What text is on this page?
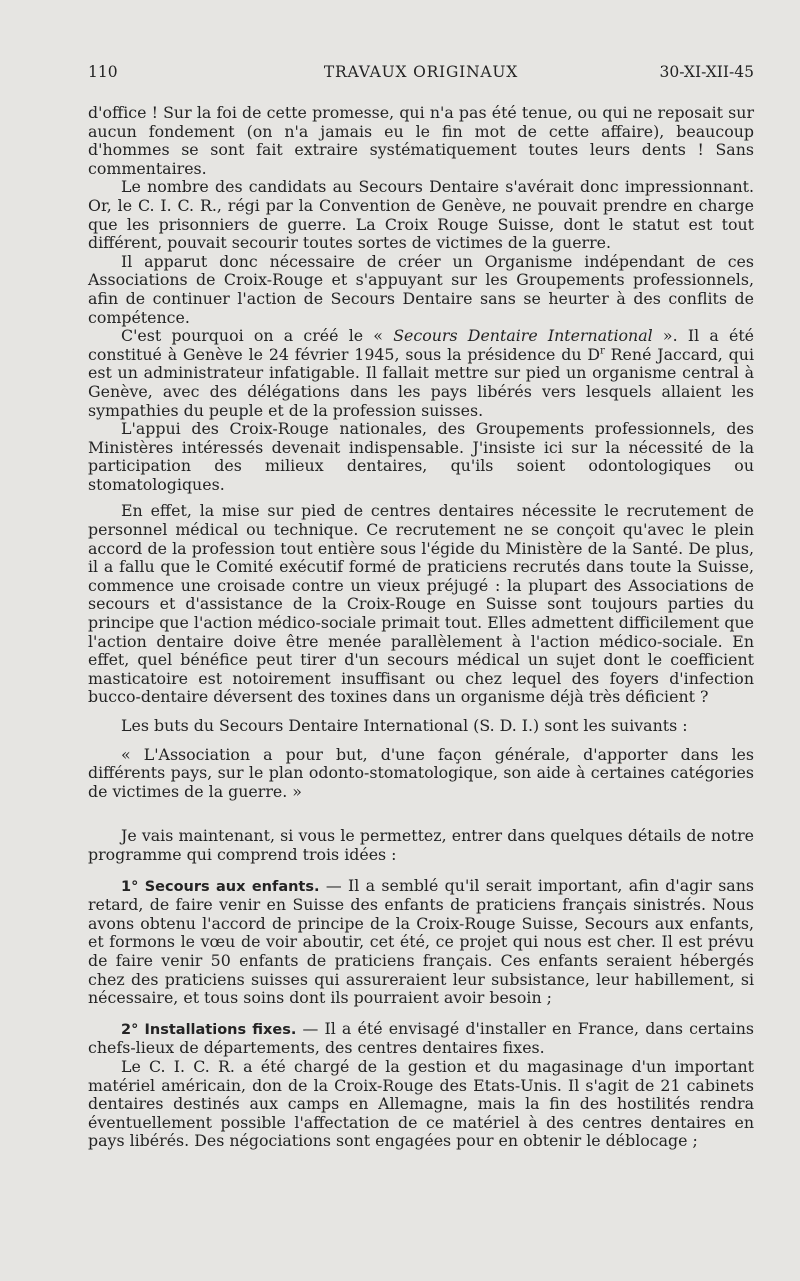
110	TRAVAUX ORIGINAUX	30-XI-XII-45

d'office ! Sur la foi de cette promesse, qui n'a pas été tenue, ou qui ne reposait sur aucun fondement (on n'a jamais eu le fin mot de cette affaire), beaucoup d'hommes se sont fait extraire systématiquement toutes leurs dents ! Sans commentaires.

Le nombre des candidats au Secours Dentaire s'avérait donc impressionnant. Or, le C. I. C. R., régi par la Convention de Genève, ne pouvait prendre en charge que les prisonniers de guerre. La Croix Rouge Suisse, dont le statut est tout différent, pouvait secourir toutes sortes de victimes de la guerre.

Il apparut donc nécessaire de créer un Organisme indépendant de ces Associations de Croix-Rouge et s'appuyant sur les Groupements professionnels, afin de continuer l'action de Secours Dentaire sans se heurter à des conflits de compétence.

C'est pourquoi on a créé le « Secours Dentaire International ». Il a été constitué à Genève le 24 février 1945, sous la présidence du $D^r$ René Jaccard, qui est un administrateur infatigable. Il fallait mettre sur pied un organisme central à Genève, avec des délégations dans les pays libérés vers lesquels allaient les sympathies du peuple et de la profession suisses.

L'appui des Croix-Rouge nationales, des Groupements professionnels, des Ministères intéressés devenait indispensable. J'insiste ici sur la nécessité de la participation des milieux dentaires, qu'ils soient odontologiques ou stomatologiques.

En effet, la mise sur pied de centres dentaires nécessite le recrutement de personnel médical ou technique. Ce recrutement ne se conçoit qu'avec le plein accord de la profession tout entière sous l'égide du Ministère de la Santé. De plus, il a fallu que le Comité exécutif formé de praticiens recrutés dans toute la Suisse, commence une croisade contre un vieux préjugé : la plupart des Associations de secours et d'assistance de la Croix-Rouge en Suisse sont toujours parties du principe que l'action médico-sociale primait tout. Elles admettent difficilement que l'action dentaire doive être menée parallèlement à l'action médico-sociale. En effet, quel bénéfice peut tirer d'un secours médical un sujet dont le coefficient masticatoire est notoirement insuffisant ou chez lequel des foyers d'infection bucco-dentaire déversent des toxines dans un organisme déjà très déficient ?

Les buts du Secours Dentaire International (S. D. I.) sont les suivants :

« L'Association a pour but, d'une façon générale, d'apporter dans les différents pays, sur le plan odonto-stomatologique, son aide à certaines catégories de victimes de la guerre. »

Je vais maintenant, si vous le permettez, entrer dans quelques détails de notre programme qui comprend trois idées :

1° Secours aux enfants. — Il a semblé qu'il serait important, afin d'agir sans retard, de faire venir en Suisse des enfants de praticiens français sinistrés. Nous avons obtenu l'accord de principe de la Croix-Rouge Suisse, Secours aux enfants, et formons le vœu de voir aboutir, cet été, ce projet qui nous est cher. Il est prévu de faire venir 50 enfants de praticiens français. Ces enfants seraient hébergés chez des praticiens suisses qui assureraient leur subsistance, leur habillement, si nécessaire, et tous soins dont ils pourraient avoir besoin ;

2° Installations fixes. — Il a été envisagé d'installer en France, dans certains chefs-lieux de départements, des centres dentaires fixes.

Le C. I. C. R. a été chargé de la gestion et du magasinage d'un important matériel américain, don de la Croix-Rouge des Etats-Unis. Il s'agit de 21 cabinets dentaires destinés aux camps en Allemagne, mais la fin des hostilités rendra éventuellement possible l'affectation de ce matériel à des centres dentaires en pays libérés. Des négociations sont engagées pour en obtenir le déblocage ;
